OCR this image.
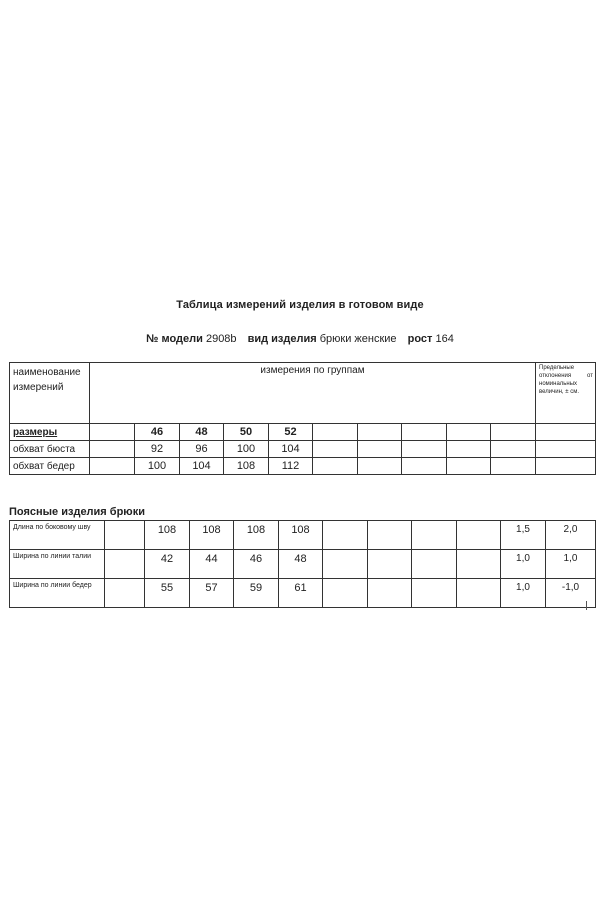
Таблица измерений изделия в готовом виде
№ модели 2908b вид изделия брюки женские рост 164
наименование измерений	измерения по группам										Предельные отклонения от номинальных величин, ± см.

размеры		46	48	50	52						
обхват бюста		92	96	100	104						
обхват бедер		100	104	108	112						
Поясные изделия брюки
Длина по боковому шву		108	108	108	108					1,5	2,0
Ширина по линии талии		42	44	46	48					1,0	1,0
Ширина по линии бедер		55	57	59	61					1,0	-1,0
